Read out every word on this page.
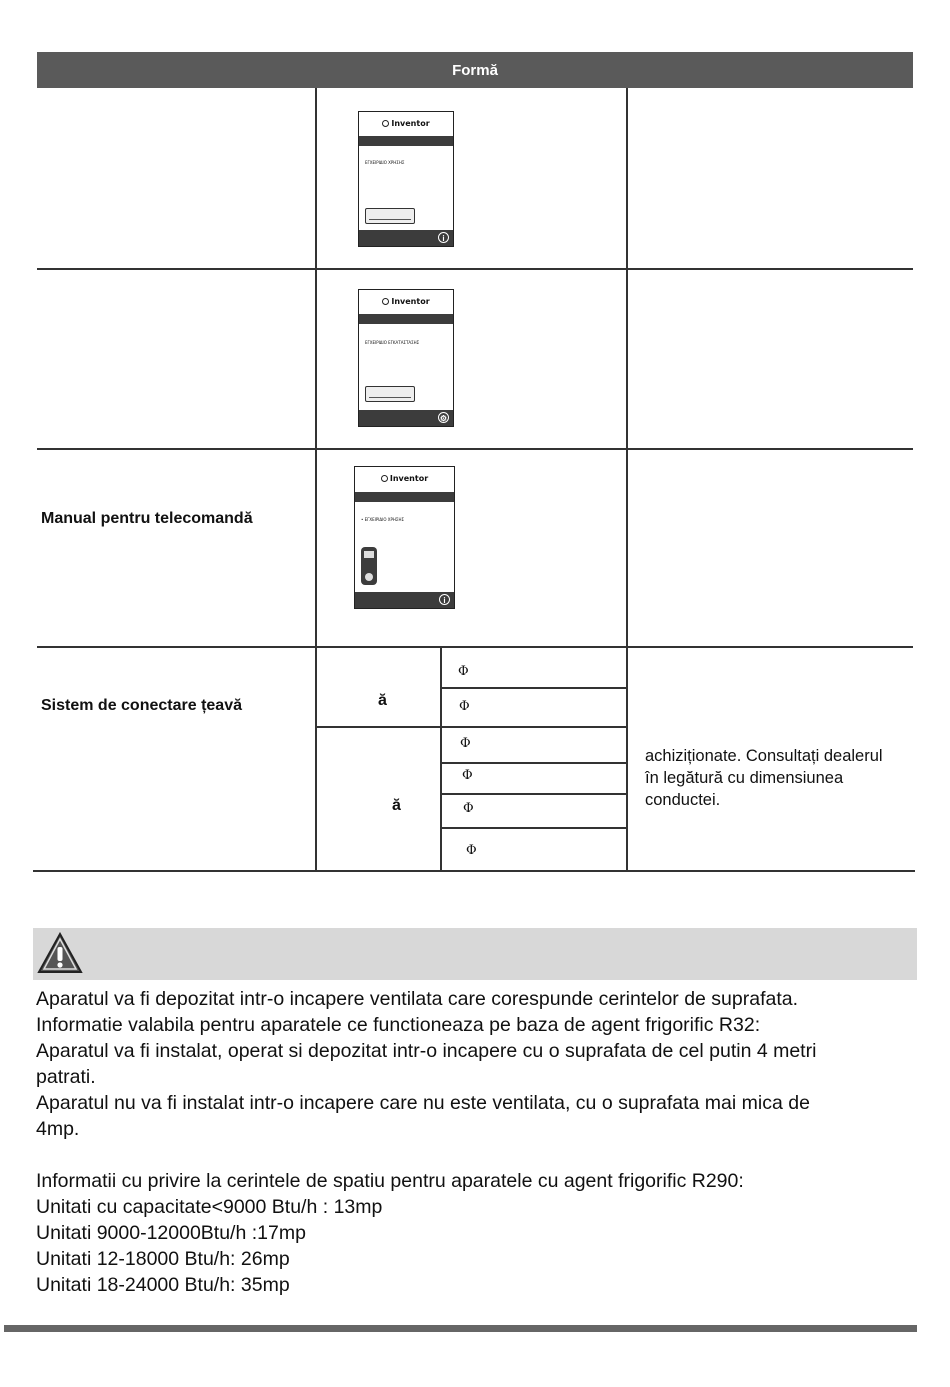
Formă
Inventor
ΕΓΧΕΙΡΙΔΙΟ ΧΡΗΣΗΣ
i
Inventor
ΕΓΧΕΙΡΙΔΙΟ ΕΓΚΑΤΑΣΤΑΣΗΣ
⚙
Manual pentru telecomandă
Inventor
• ΕΓΧΕΙΡΙΔΙΟ ΧΡΗΣΗΣ
i
Sistem de conectare țeavă	ă
ă
Φ
Φ
Φ
Φ
Φ
Φ
achiziționate. Consultați dealerul
în legătură cu dimensiunea
conductei.
Aparatul va fi depozitat intr-o incapere ventilata care corespunde cerintelor de suprafata.
Informatie valabila pentru aparatele ce functioneaza pe baza de agent frigorific R32:
Aparatul va fi instalat, operat si depozitat intr-o incapere cu o suprafata de cel putin 4 metri
patrati.
Aparatul nu va fi instalat intr-o incapere care nu este ventilata, cu o suprafata mai mica de
4mp.
Informatii cu privire la cerintele de spatiu pentru aparatele cu agent frigorific R290:
Unitati cu capacitate<9000 Btu/h : 13mp
Unitati 9000-12000Btu/h :17mp
Unitati 12-18000 Btu/h: 26mp
Unitati 18-24000 Btu/h: 35mp
